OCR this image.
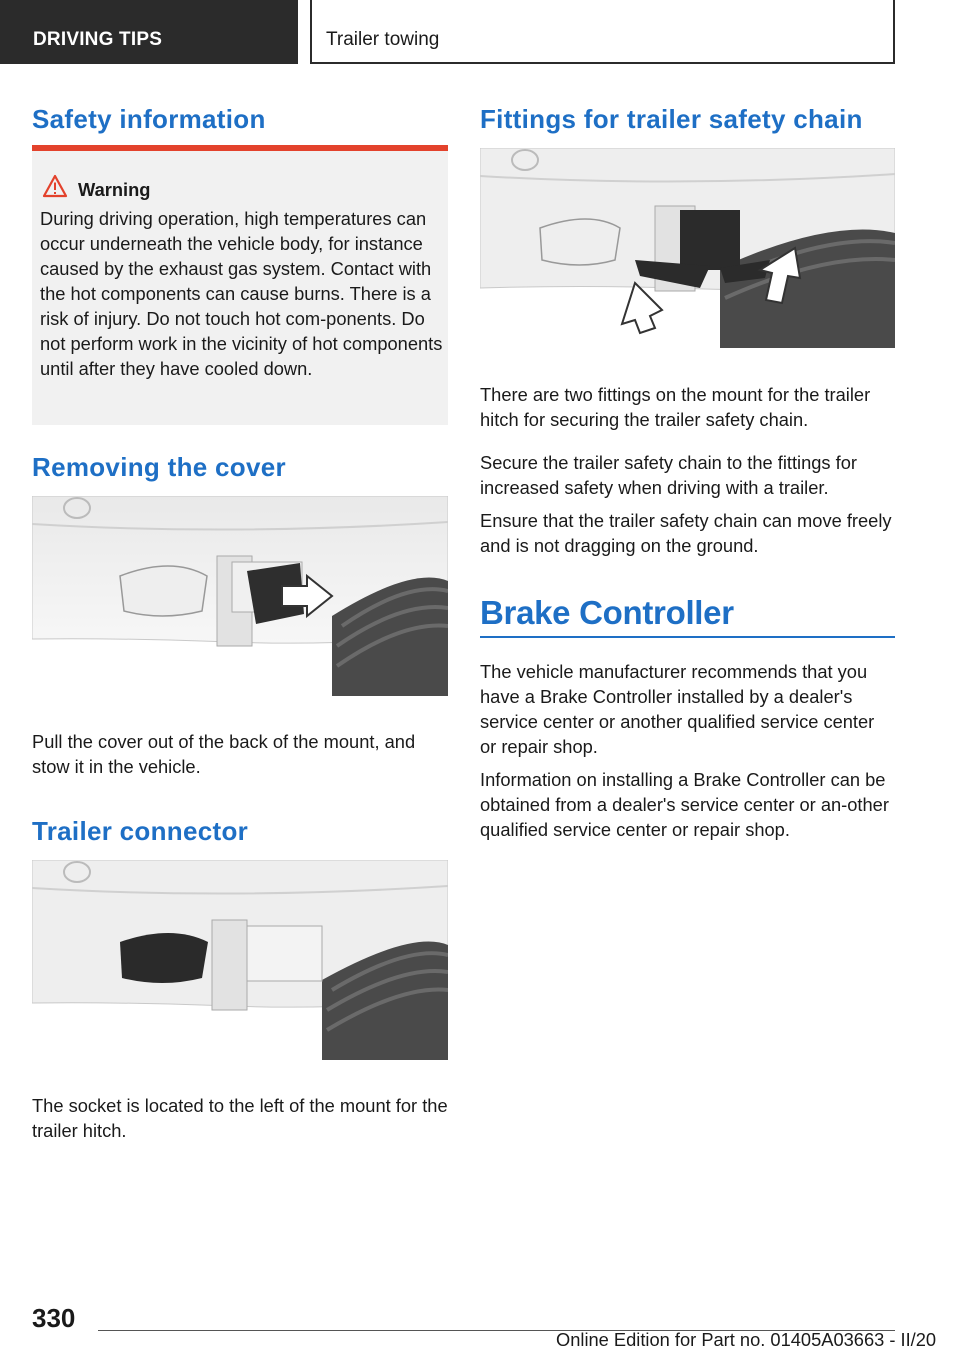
DRIVING TIPS	Trailer towing
Safety information
Warning
During driving operation, high temperatures can occur underneath the vehicle body, for instance caused by the exhaust gas system. Contact with the hot components can cause burns. There is a risk of injury. Do not touch hot com-ponents. Do not perform work in the vicinity of hot components until after they have cooled down.
Removing the cover

Pull the cover out of the back of the mount, and stow it in the vehicle.

Trailer connector

The socket is located to the left of the mount for the trailer hitch.

Fittings for trailer safety chain

There are two fittings on the mount for the trailer hitch for securing the trailer safety chain.

Secure the trailer safety chain to the fittings for increased safety when driving with a trailer.

Ensure that the trailer safety chain can move freely and is not dragging on the ground.

Brake Controller

The vehicle manufacturer recommends that you have a Brake Controller installed by a dealer's service center or another qualified service center or repair shop.

Information on installing a Brake Controller can be obtained from a dealer's service center or an-other qualified service center or repair shop.

330
Online Edition for Part no. 01405A03663 - II/20
